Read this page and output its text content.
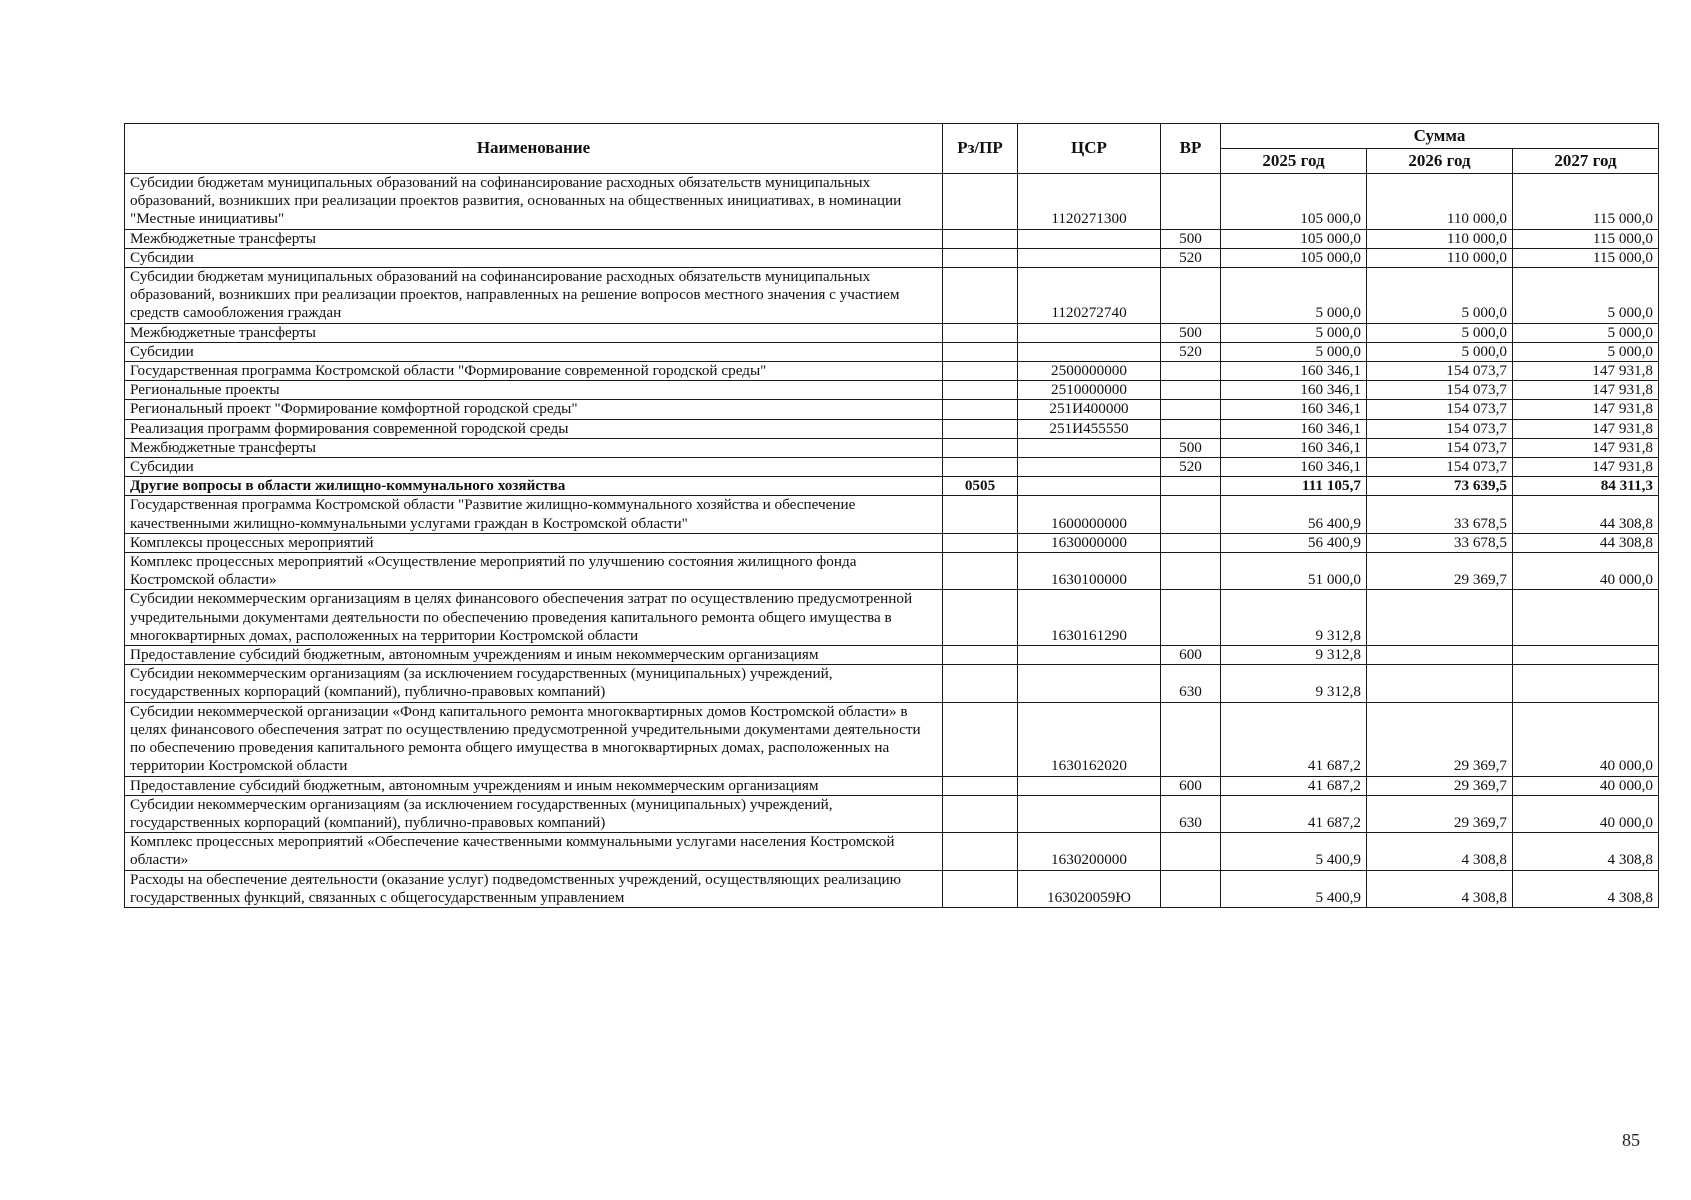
Наименование	Рз/ПР	ЦСР	ВР	Сумма		
				2025 год	2026 год	2027 год
Субсидии бюджетам муниципальных образований на софинансирование расходных обязательств муниципальных образований, возникших при реализации проектов развития, основанных на общественных инициативах, в номинации "Местные инициативы"		1120271300		105 000,0	110 000,0	115 000,0
Межбюджетные трансферты			500	105 000,0	110 000,0	115 000,0
Субсидии			520	105 000,0	110 000,0	115 000,0
Субсидии бюджетам муниципальных образований на софинансирование расходных обязательств муниципальных образований, возникших при реализации проектов, направленных на решение вопросов местного значения с участием средств самообложения граждан		1120272740		5 000,0	5 000,0	5 000,0
Межбюджетные трансферты			500	5 000,0	5 000,0	5 000,0
Субсидии			520	5 000,0	5 000,0	5 000,0
Государственная программа Костромской области "Формирование современной городской среды"		2500000000		160 346,1	154 073,7	147 931,8
Региональные проекты		2510000000		160 346,1	154 073,7	147 931,8
Региональный проект "Формирование комфортной городской среды"		251И400000		160 346,1	154 073,7	147 931,8
Реализация программ формирования современной городской среды		251И455550		160 346,1	154 073,7	147 931,8
Межбюджетные трансферты			500	160 346,1	154 073,7	147 931,8
Субсидии			520	160 346,1	154 073,7	147 931,8
Другие вопросы в области жилищно-коммунального хозяйства	0505			111 105,7	73 639,5	84 311,3
Государственная программа Костромской области "Развитие жилищно-коммунального хозяйства и обеспечение качественными жилищно-коммунальными услугами граждан в Костромской области"		1600000000		56 400,9	33 678,5	44 308,8
Комплексы процессных мероприятий		1630000000		56 400,9	33 678,5	44 308,8
Комплекс процессных мероприятий «Осуществление мероприятий по улучшению состояния жилищного фонда Костромской области»		1630100000		51 000,0	29 369,7	40 000,0
Субсидии некоммерческим организациям в целях финансового обеспечения затрат по осуществлению предусмотренной учредительными документами деятельности по обеспечению проведения капитального ремонта общего имущества в многоквартирных домах, расположенных на территории Костромской области		1630161290		9 312,8		
Предоставление субсидий бюджетным, автономным учреждениям и иным некоммерческим организациям			600	9 312,8		
Субсидии некоммерческим организациям (за исключением государственных (муниципальных) учреждений, государственных корпораций (компаний), публично-правовых компаний)			630	9 312,8		
Субсидии некоммерческой организации «Фонд капитального ремонта многоквартирных домов Костромской области» в целях финансового обеспечения затрат по осуществлению предусмотренной учредительными документами деятельности по обеспечению проведения капитального ремонта общего имущества в многоквартирных домах, расположенных на территории Костромской области		1630162020		41 687,2	29 369,7	40 000,0
Предоставление субсидий бюджетным, автономным учреждениям и иным некоммерческим организациям			600	41 687,2	29 369,7	40 000,0
Субсидии некоммерческим организациям (за исключением государственных (муниципальных) учреждений, государственных корпораций (компаний), публично-правовых компаний)			630	41 687,2	29 369,7	40 000,0
Комплекс процессных мероприятий «Обеспечение качественными коммунальными услугами населения Костромской области»		1630200000		5 400,9	4 308,8	4 308,8
Расходы на обеспечение деятельности (оказание услуг) подведомственных учреждений, осуществляющих реализацию государственных функций, связанных с общегосударственным управлением		163020059Ю		5 400,9	4 308,8	4 308,8
85
